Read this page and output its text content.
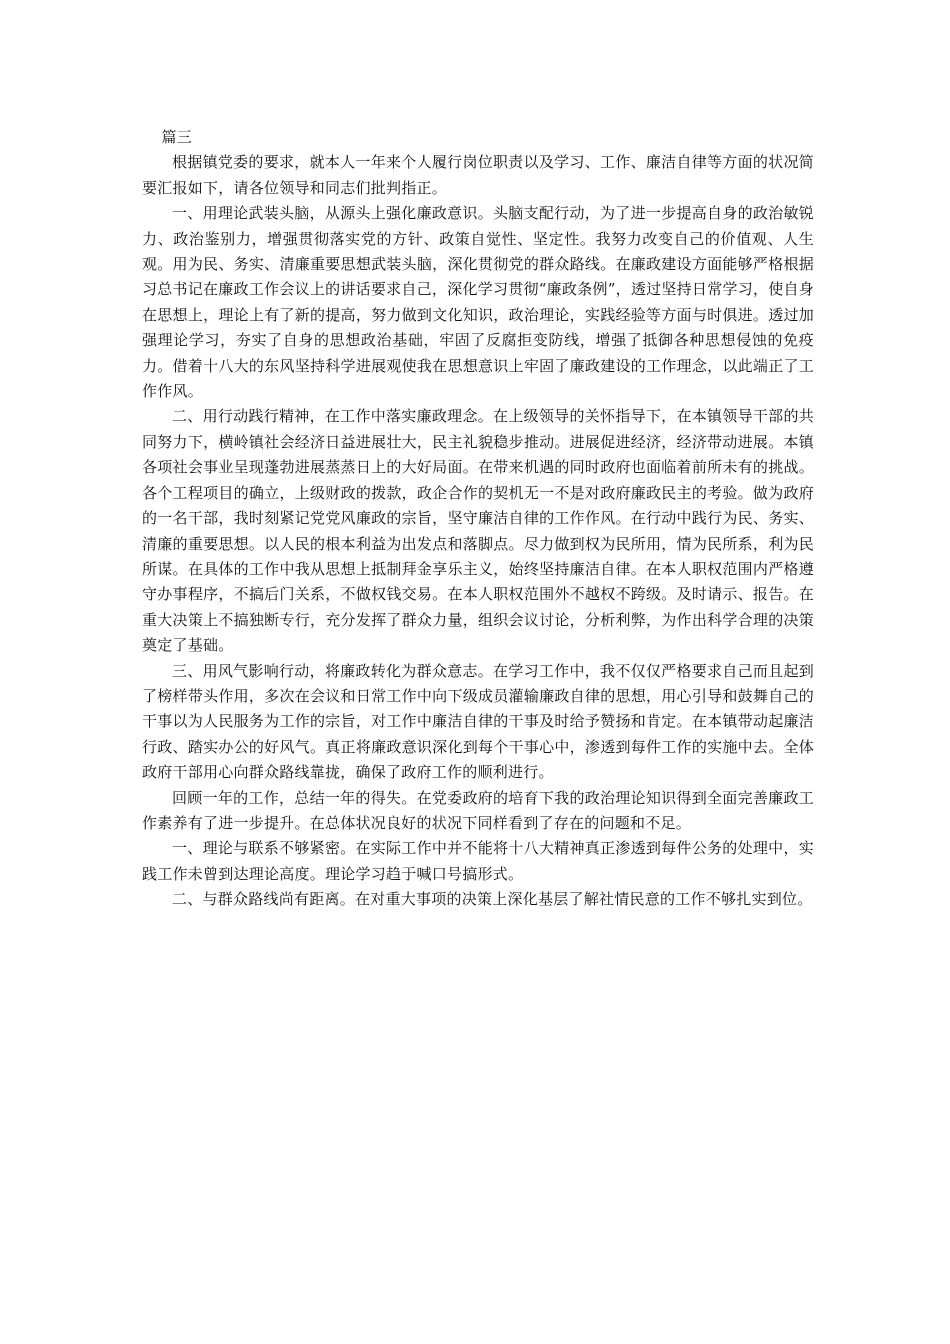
篇三

根据镇党委的要求，就本人一年来个人履行岗位职责以及学习、工作、廉洁自律等方面的状况简要汇报如下，请各位领导和同志们批判指正。

一、用理论武装头脑，从源头上强化廉政意识。头脑支配行动，为了进一步提高自身的政治敏锐力、政治鉴别力，增强贯彻落实党的方针、政策自觉性、坚定性。我努力改变自己的价值观、人生观。用为民、务实、清廉重要思想武装头脑，深化贯彻党的群众路线。在廉政建设方面能够严格根据习总书记在廉政工作会议上的讲话要求自己，深化学习贯彻“廉政条例”，透过坚持日常学习，使自身在思想上，理论上有了新的提高，努力做到文化知识，政治理论，实践经验等方面与时俱进。透过加强理论学习，夯实了自身的思想政治基础，牢固了反腐拒变防线，增强了抵御各种思想侵蚀的免疫力。借着十八大的东风坚持科学进展观使我在思想意识上牢固了廉政建设的工作理念，以此端正了工作作风。

二、用行动践行精神，在工作中落实廉政理念。在上级领导的关怀指导下，在本镇领导干部的共同努力下，横岭镇社会经济日益进展壮大，民主礼貌稳步推动。进展促进经济，经济带动进展。本镇各项社会事业呈现蓬勃进展蒸蒸日上的大好局面。在带来机遇的同时政府也面临着前所未有的挑战。各个工程项目的确立，上级财政的拨款，政企合作的契机无一不是对政府廉政民主的考验。做为政府的一名干部，我时刻紧记党党风廉政的宗旨，坚守廉洁自律的工作作风。在行动中践行为民、务实、清廉的重要思想。以人民的根本利益为出发点和落脚点。尽力做到权为民所用，情为民所系，利为民所谋。在具体的工作中我从思想上抵制拜金享乐主义，始终坚持廉洁自律。在本人职权范围内严格遵守办事程序，不搞后门关系，不做权钱交易。在本人职权范围外不越权不跨级。及时请示、报告。在重大决策上不搞独断专行，充分发挥了群众力量，组织会议讨论，分析利弊，为作出科学合理的决策奠定了基础。

三、用风气影响行动，将廉政转化为群众意志。在学习工作中，我不仅仅严格要求自己而且起到了榜样带头作用，多次在会议和日常工作中向下级成员灌输廉政自律的思想，用心引导和鼓舞自己的干事以为人民服务为工作的宗旨，对工作中廉洁自律的干事及时给予赞扬和肯定。在本镇带动起廉洁行政、踏实办公的好风气。真正将廉政意识深化到每个干事心中，渗透到每件工作的实施中去。全体政府干部用心向群众路线靠拢，确保了政府工作的顺利进行。

回顾一年的工作，总结一年的得失。在党委政府的培育下我的政治理论知识得到全面完善廉政工作素养有了进一步提升。在总体状况良好的状况下同样看到了存在的问题和不足。

一、理论与联系不够紧密。在实际工作中并不能将十八大精神真正渗透到每件公务的处理中，实践工作未曾到达理论高度。理论学习趋于喊口号搞形式。

二、与群众路线尚有距离。在对重大事项的决策上深化基层了解社情民意的工作不够扎实到位。
